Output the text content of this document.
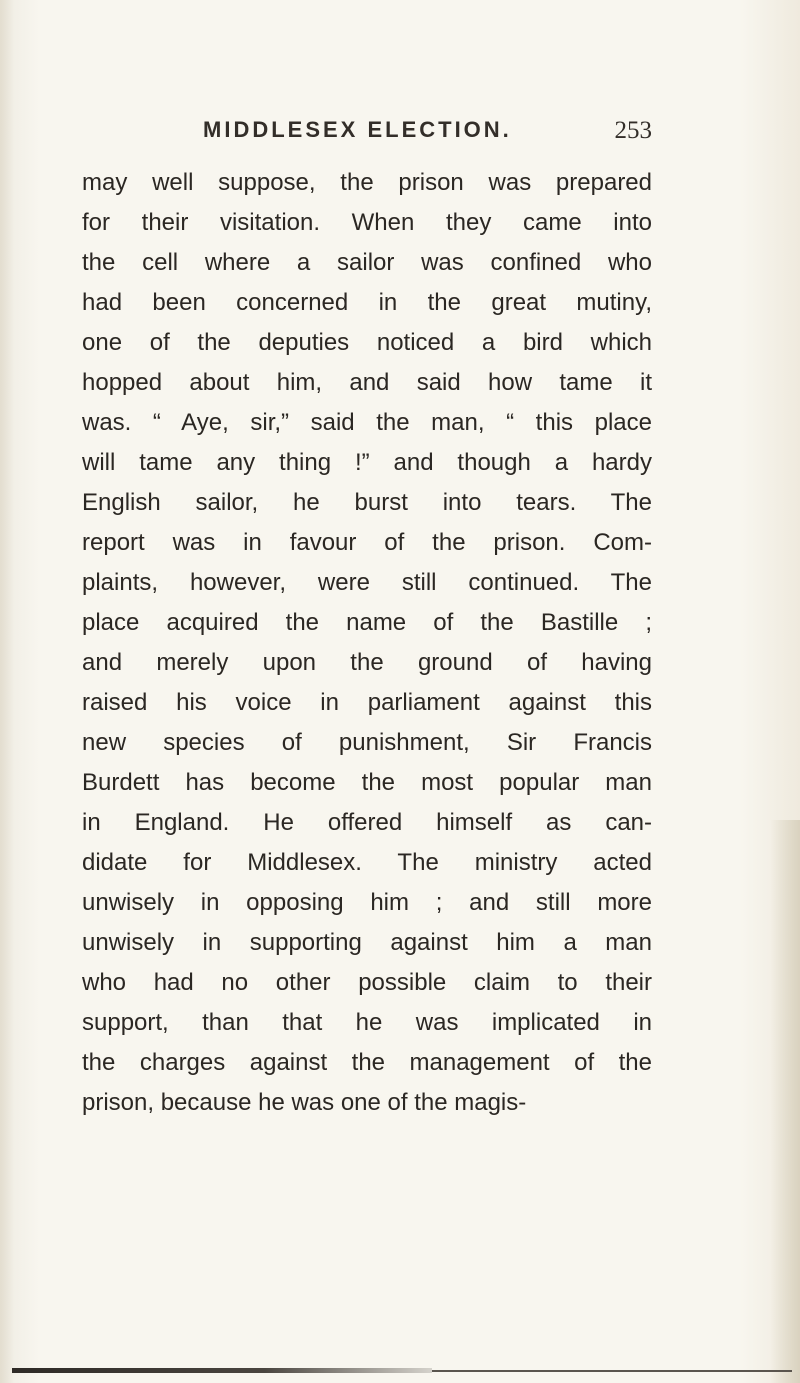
MIDDLESEX ELECTION.	253
may well suppose, the prison was prepared
for their visitation. When they came into
the cell where a sailor was confined who
had been concerned in the great mutiny,
one of the deputies noticed a bird which
hopped about him, and said how tame it
was. “ Aye, sir,” said the man, “ this place
will tame any thing !” and though a hardy
English sailor, he burst into tears. The
report was in favour of the prison. Com-
plaints, however, were still continued. The
place acquired the name of the Bastille ;
and merely upon the ground of having
raised his voice in parliament against this
new species of punishment, Sir Francis
Burdett has become the most popular man
in England. He offered himself as can-
didate for Middlesex. The ministry acted
unwisely in opposing him ; and still more
unwisely in supporting against him a man
who had no other possible claim to their
support, than that he was implicated in
the charges against the management of the
prison, because he was one of the magis-
